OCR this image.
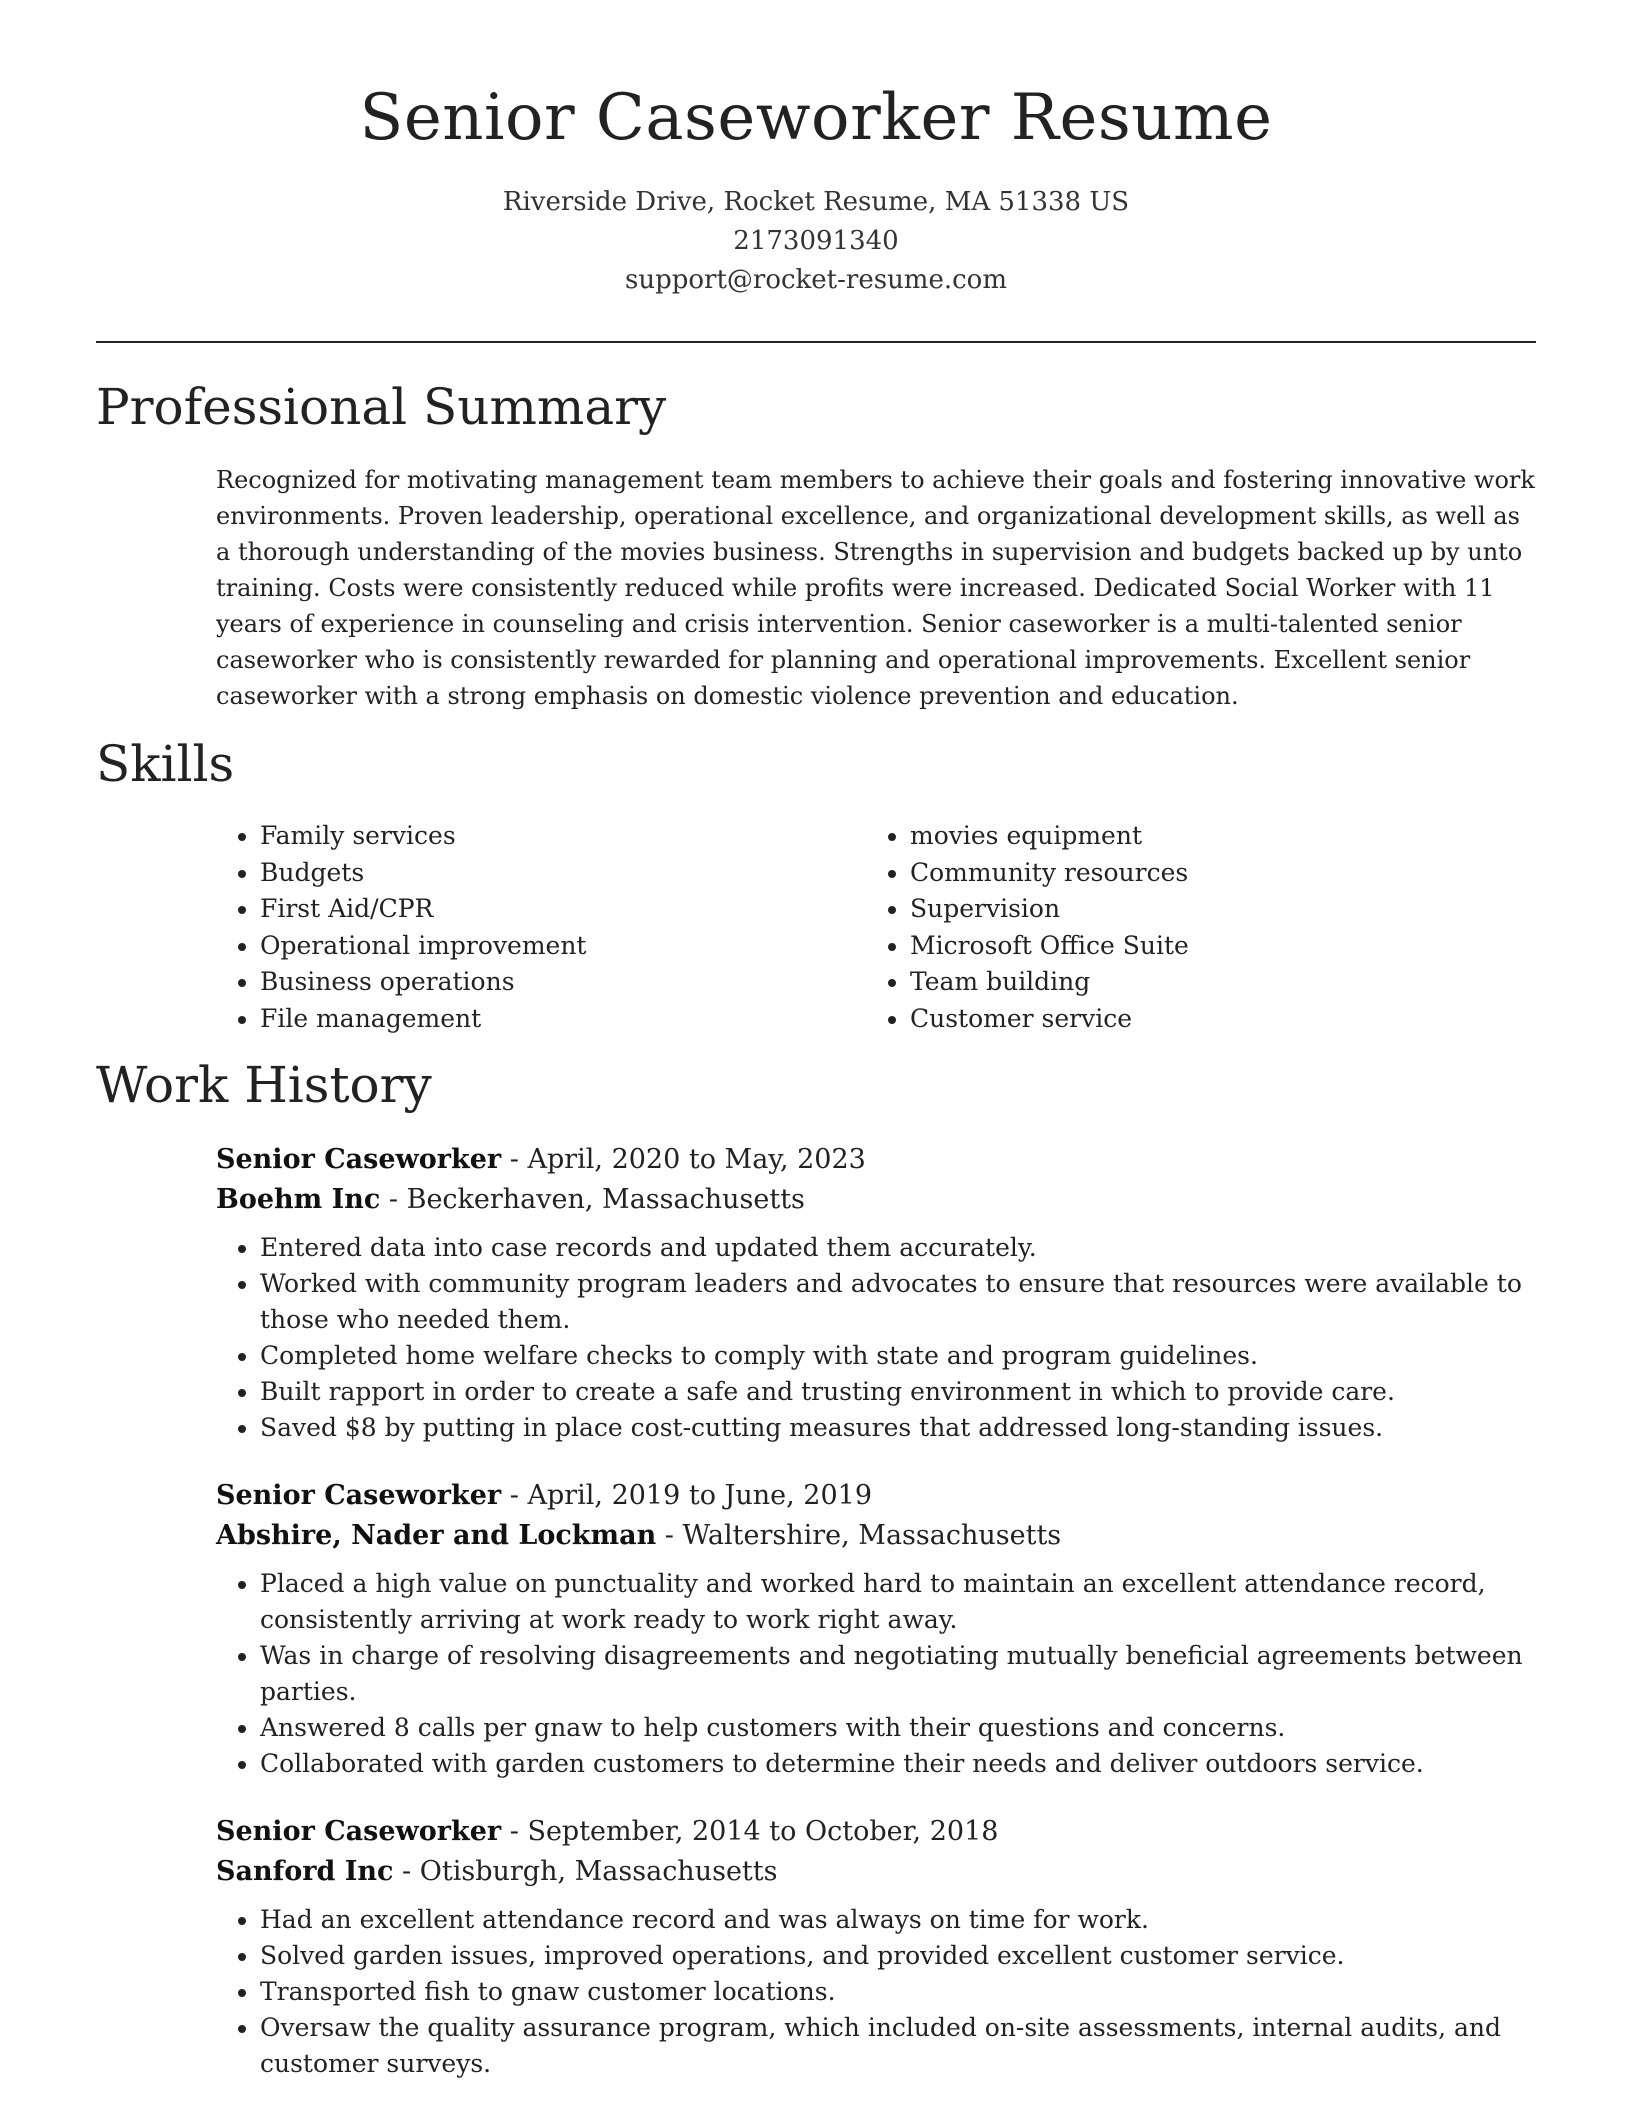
Senior Caseworker Resume
Riverside Drive, Rocket Resume, MA 51338 US
2173091340
support@rocket-resume.com
Professional Summary

Recognized for motivating management team members to achieve their goals and fostering innovative work environments. Proven leadership, operational excellence, and organizational development skills, as well as a thorough understanding of the movies business. Strengths in supervision and budgets backed up by unto training. Costs were consistently reduced while profits were increased. Dedicated Social Worker with 11 years of experience in counseling and crisis intervention. Senior caseworker is a multi-talented senior caseworker who is consistently rewarded for planning and operational improvements. Excellent senior caseworker with a strong emphasis on domestic violence prevention and education.

Skills
• Family services
• Budgets
• First Aid/CPR
• Operational improvement
• Business operations
• File management
• movies equipment
• Community resources
• Supervision
• Microsoft Office Suite
• Team building
• Customer service
Work History

Senior Caseworker - April, 2020 to May, 2023

Boehm Inc - Beckerhaven, Massachusetts

• Entered data into case records and updated them accurately.
• Worked with community program leaders and advocates to ensure that resources were available to those who needed them.
• Completed home welfare checks to comply with state and program guidelines.
• Built rapport in order to create a safe and trusting environment in which to provide care.
• Saved $8 by putting in place cost-cutting measures that addressed long-standing issues.

Senior Caseworker - April, 2019 to June, 2019

Abshire, Nader and Lockman - Waltershire, Massachusetts

• Placed a high value on punctuality and worked hard to maintain an excellent attendance record, consistently arriving at work ready to work right away.
• Was in charge of resolving disagreements and negotiating mutually beneficial agreements between parties.
• Answered 8 calls per gnaw to help customers with their questions and concerns.
• Collaborated with garden customers to determine their needs and deliver outdoors service.

Senior Caseworker - September, 2014 to October, 2018

Sanford Inc - Otisburgh, Massachusetts

• Had an excellent attendance record and was always on time for work.
• Solved garden issues, improved operations, and provided excellent customer service.
• Transported fish to gnaw customer locations.
• Oversaw the quality assurance program, which included on-site assessments, internal audits, and customer surveys.
